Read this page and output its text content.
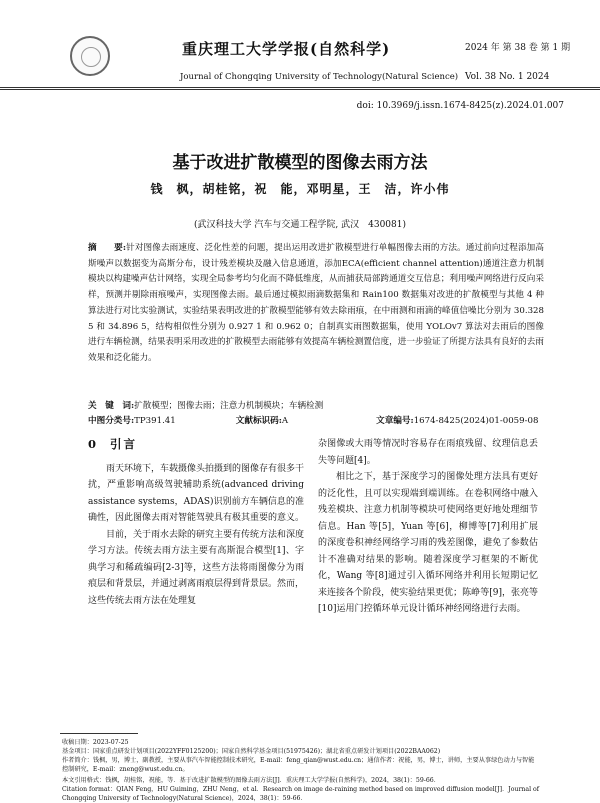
重庆理工大学学报(自然科学)
Journal of Chongqing University of Technology(Natural Science)
2024 年 第 38 卷 第 1 期
Vol. 38 No. 1 2024
doi: 10.3969/j.issn.1674-8425(z).2024.01.007
基于改进扩散模型的图像去雨方法
钱　枫，胡桂铭，祝　能，邓明星，王　洁，许小伟
(武汉科技大学 汽车与交通工程学院, 武汉　430081)
摘　　要:针对图像去雨速度、泛化性差的问题，提出运用改进扩散模型进行单幅图像去雨的方法。通过前向过程添加高斯噪声以数据变为高斯分布，设计残差模块及融入信息通道，添加ECA(efficient channel attention)通道注意力机制模块以构建噪声估计网络，实现全局参考均匀化而不降低维度，从而捕获局部跨通道交互信息；利用噪声网络进行反向采样，预测并剔除雨痕噪声，实现图像去雨。最后通过模拟雨滴数据集和 Rain100 数据集对改进的扩散模型与其他 4 种算法进行对比实验测试，实验结果表明改进的扩散模型能够有效去除雨痕，在中雨测和雨滴的峰值信噪比分别为 30.328 5 和 34.896 5，结构相似性分别为 0.927 1 和 0.962 0；自制真实雨图数据集，使用 YOLOv7 算法对去雨后的图像进行车辆检测，结果表明采用改进的扩散模型去雨能够有效提高车辆检测置信度，进一步验证了所提方法具有良好的去雨效果和泛化能力。
关　键　词:扩散模型；图像去雨；注意力机制模块；车辆检测
中图分类号:TP391.41	文献标识码:A	文章编号:1674-8425(2024)01-0059-08
0 引言

雨天环境下，车载摄像头拍摄到的图像存有很多干扰，严重影响高级驾驶辅助系统(advanced driving assistance systems，ADAS)识别前方车辆信息的准确性，因此图像去雨对智能驾驶具有极其重要的意义。

目前，关于雨水去除的研究主要有传统方法和深度学习方法。传统去雨方法主要有高斯混合模型[1]、字典学习和稀疏编码[2-3]等，这些方法将雨图像分为雨痕层和背景层，并通过剥离雨痕层得到背景层。然而，这些传统去雨方法在处理复

杂图像或大雨等情况时容易存在雨痕残留、纹理信息丢失等问题[4]。

相比之下，基于深度学习的图像处理方法具有更好的泛化性，且可以实现端到端训练。在卷积网络中融入残差模块、注意力机制等模块可使网络更好地处理细节信息。Han 等[5]，Yuan 等[6]，柳博等[7]利用扩展的深度卷积神经网络学习雨的残差图像，避免了参数估计不准确对结果的影响。随着深度学习框架的不断优化，Wang 等[8]通过引入循环网络并利用长短期记忆来连接各个阶段，使实验结果更优；陈峥等[9]，张亮等[10]运用门控循环单元设计循环神经网络进行去雨。

收稿日期：2023-07-25
基金项目：国家重点研发计划项目(2022YFF0125200)；国家自然科学基金项目(51975426)；湖北省重点研发计划项目(2022BAA062)
作者简介：钱枫，男，博士，副教授，主要从事汽车智能控制技术研究，E-mail：feng_qian@wust.edu.cn；通信作者：祝能，男，博士，讲师，主要从事绿色动力与智能控制研究，E-mail：zneng@wust.edu.cn。
本文引用格式：钱枫，胡桂铭，祝能，等．基于改进扩散模型的图像去雨方法[J]．重庆理工大学学报(自然科学)，2024，38(1)：59-66．
Citation format：QIAN Feng，HU Guiming，ZHU Neng，et al．Research on image de-raining method based on improved diffusion model[J]．Journal of Chongqing University of Technology(Natural Science)，2024，38(1)：59-66．
